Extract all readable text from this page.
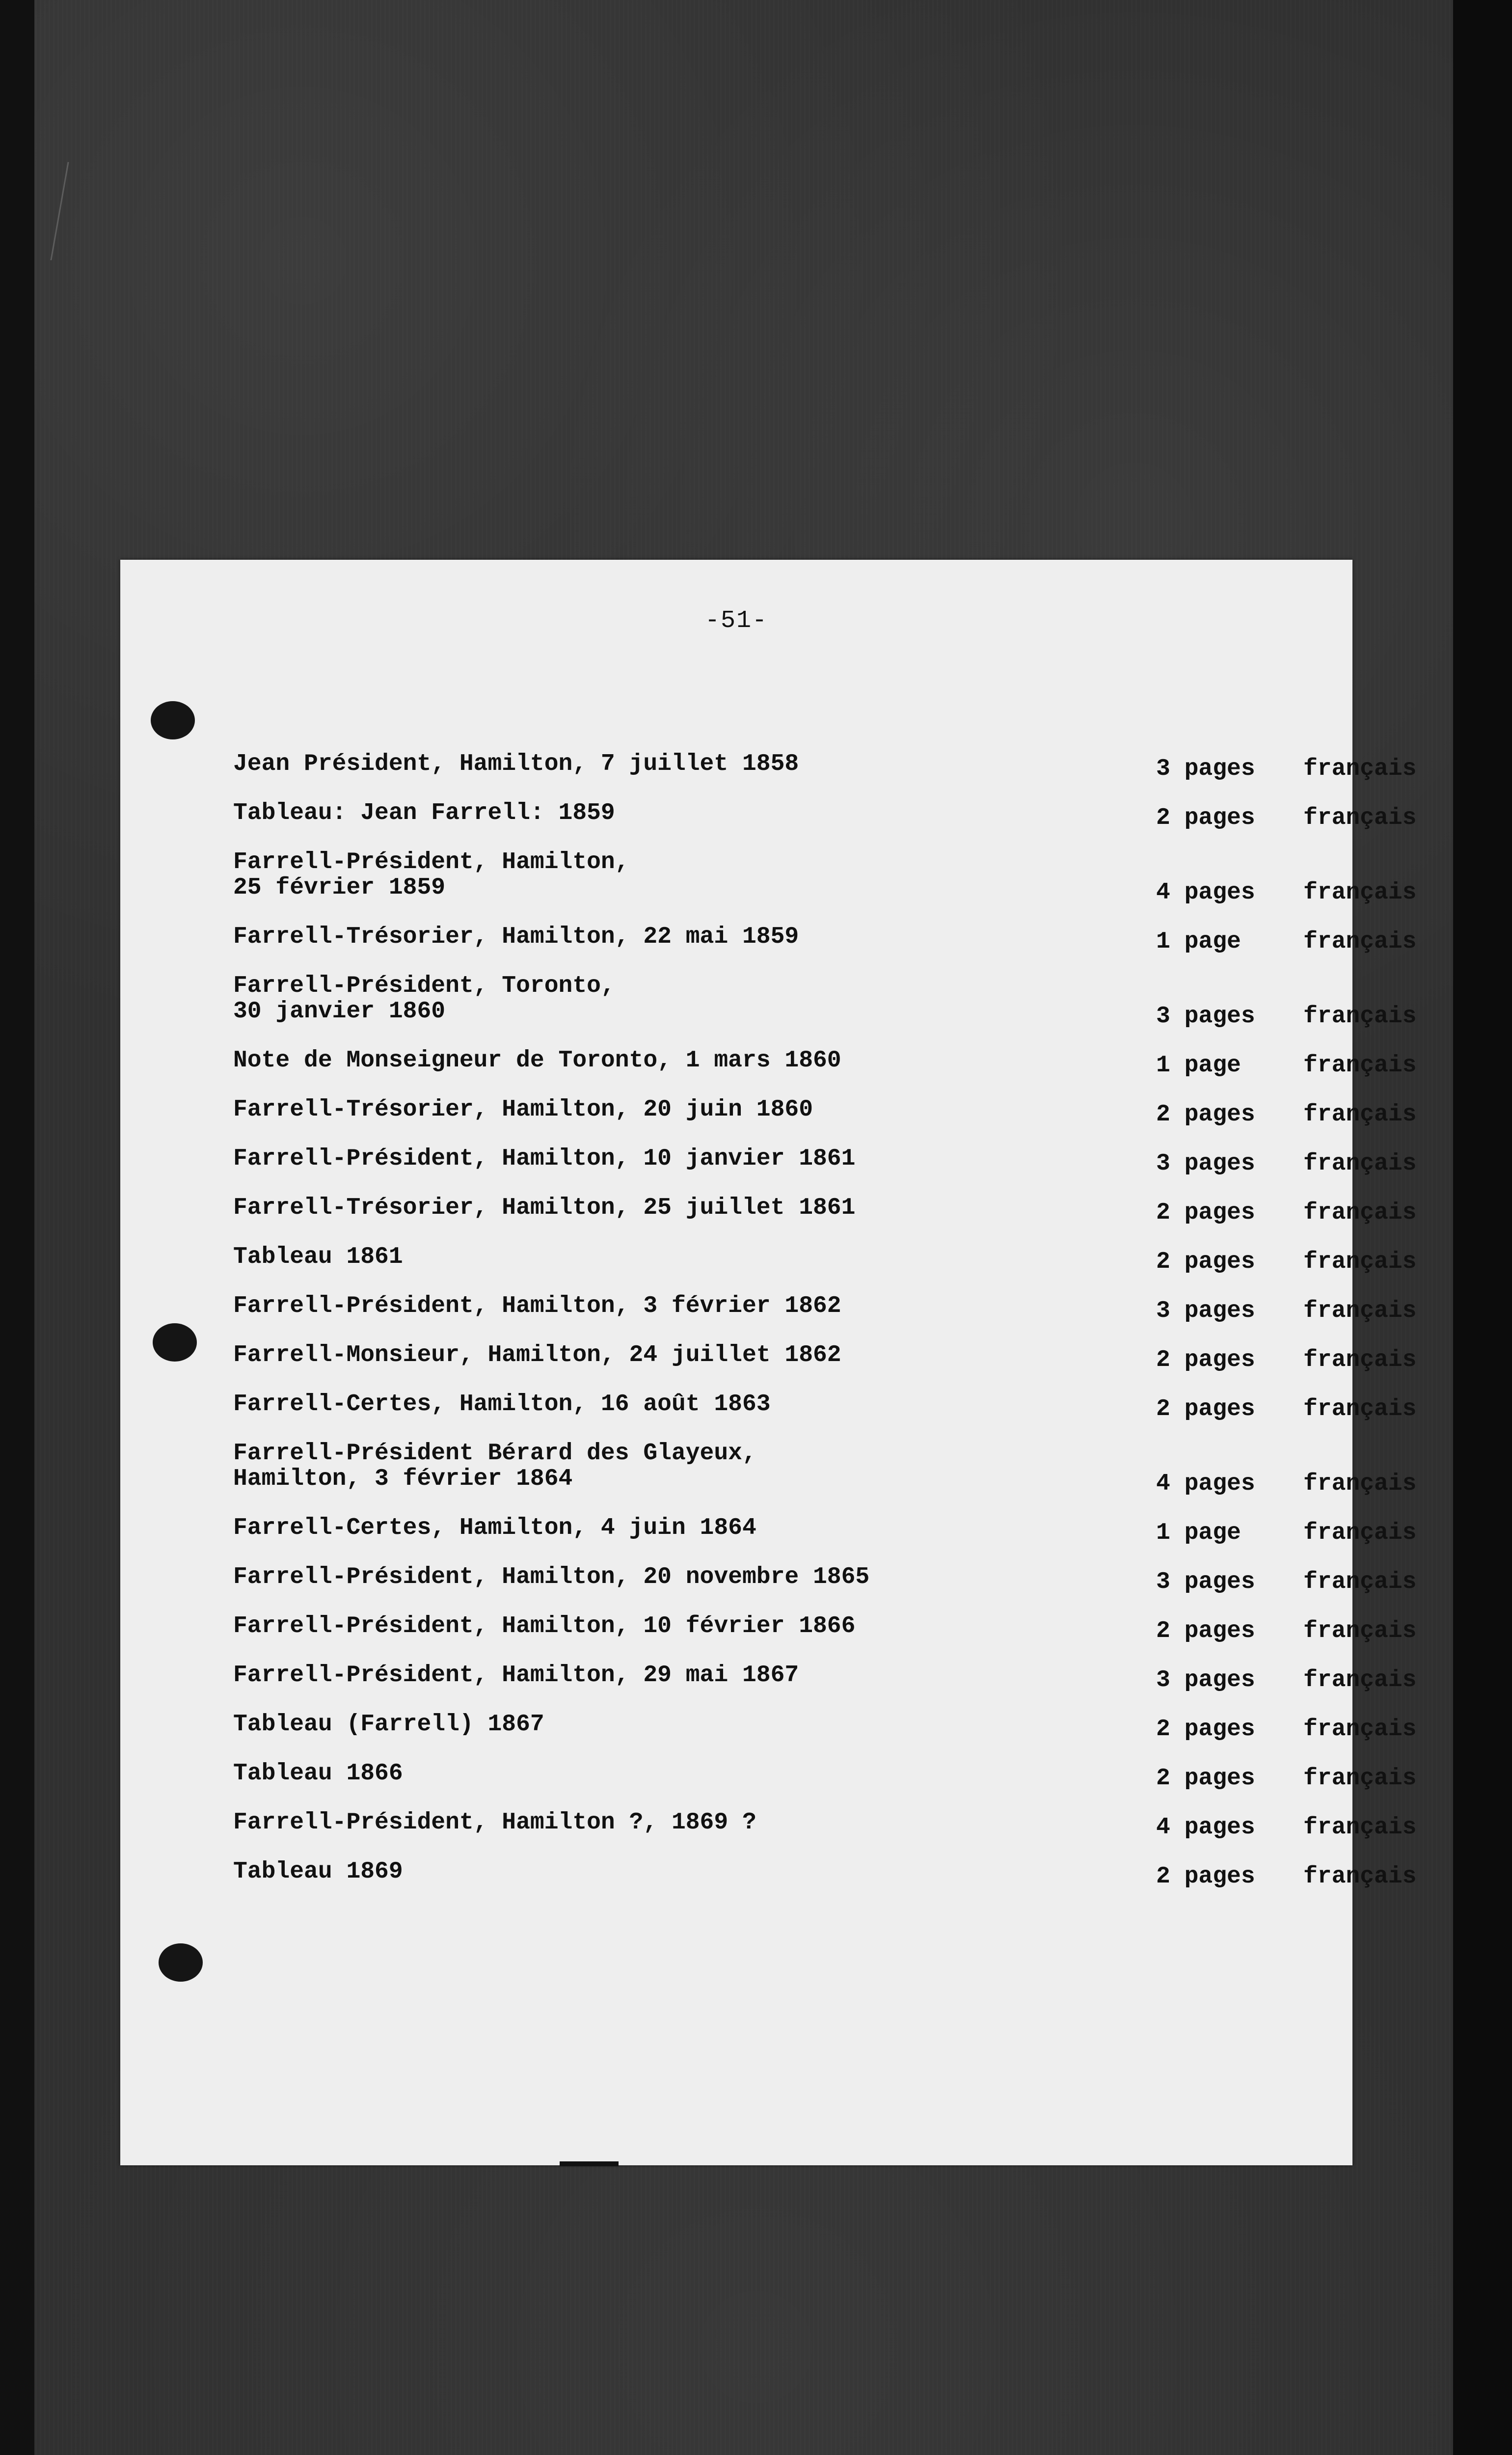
-51-
Jean Président, Hamilton, 7 juillet 1858	3 pages	français
Tableau: Jean Farrell: 1859	2 pages	français
Farrell-Président, Hamilton,
25 février 1859	4 pages	français
Farrell-Trésorier, Hamilton, 22 mai 1859	1 page	français
Farrell-Président, Toronto,
30 janvier 1860	3 pages	français
Note de Monseigneur de Toronto, 1 mars 1860	1 page	français
Farrell-Trésorier, Hamilton, 20 juin 1860	2 pages	français
Farrell-Président, Hamilton, 10 janvier 1861	3 pages	français
Farrell-Trésorier, Hamilton, 25 juillet 1861	2 pages	français
Tableau 1861	2 pages	français
Farrell-Président, Hamilton, 3 février 1862	3 pages	français
Farrell-Monsieur, Hamilton, 24 juillet 1862	2 pages	français
Farrell-Certes, Hamilton, 16 août 1863	2 pages	français
Farrell-Président Bérard des Glayeux,
Hamilton, 3 février 1864	4 pages	français
Farrell-Certes, Hamilton, 4 juin 1864	1 page	français
Farrell-Président, Hamilton, 20 novembre 1865	3 pages	français
Farrell-Président, Hamilton, 10 février 1866	2 pages	français
Farrell-Président, Hamilton, 29 mai 1867	3 pages	français
Tableau (Farrell) 1867	2 pages	français
Tableau 1866	2 pages	français
Farrell-Président, Hamilton ?, 1869 ?	4 pages	français
Tableau 1869	2 pages	français
